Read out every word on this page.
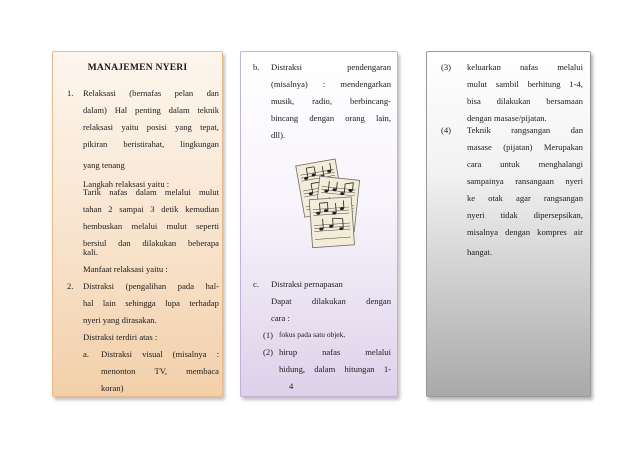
MANAJEMEN NYERI
1.
yang tenang
Langkah relaksasi yaitu :
kali.
Manfaat relaksasi yaitu :
2.
nyeri yang dirasakan.
Distraksi terdiri atas :
a.
koran)
Relaksasi (bernafas pelan dan
dalam) Hal penting dalam teknik
relaksasi yaitu posisi yang tepat,
pikiran beristirahat, lingkungan
Tarik nafas dalam melalui mulut
tahan 2 sampai 3 detik kemudian
hembuskan melalui mulut seperti
bersiul dan dilakukan beberapa
Distraksi (pengalihan pada hal-
hal lain sehingga lupa terhadap
Distraksi visual (misalnya :
menonton TV, membaca
b.
dll).
c. Distraksi pernapasan
cara :
(1) fokus pada satu objek,
(2)
4
Distraksi	pendengaran
(misalnya) : mendengarkan
musik, radio, berbincang-
bincang dengan orang lain,
Dapat dilakukan dengan
hirup	nafas	melalui
hidung, dalam hitungan 1-
(3)
dengan masase/pijatan.
(4)
hangat.
keluarkan nafas melalui
mulut sambil berhitung 1-4,
bisa dilakukan bersamaan
Teknik rangsangan dan
masase (pijatan) Merupakan
cara untuk menghalangi
sampainya ransangaan nyeri
ke otak agar rangsangan
nyeri tidak dipersepsikan,
misalnya dengan kompres air
